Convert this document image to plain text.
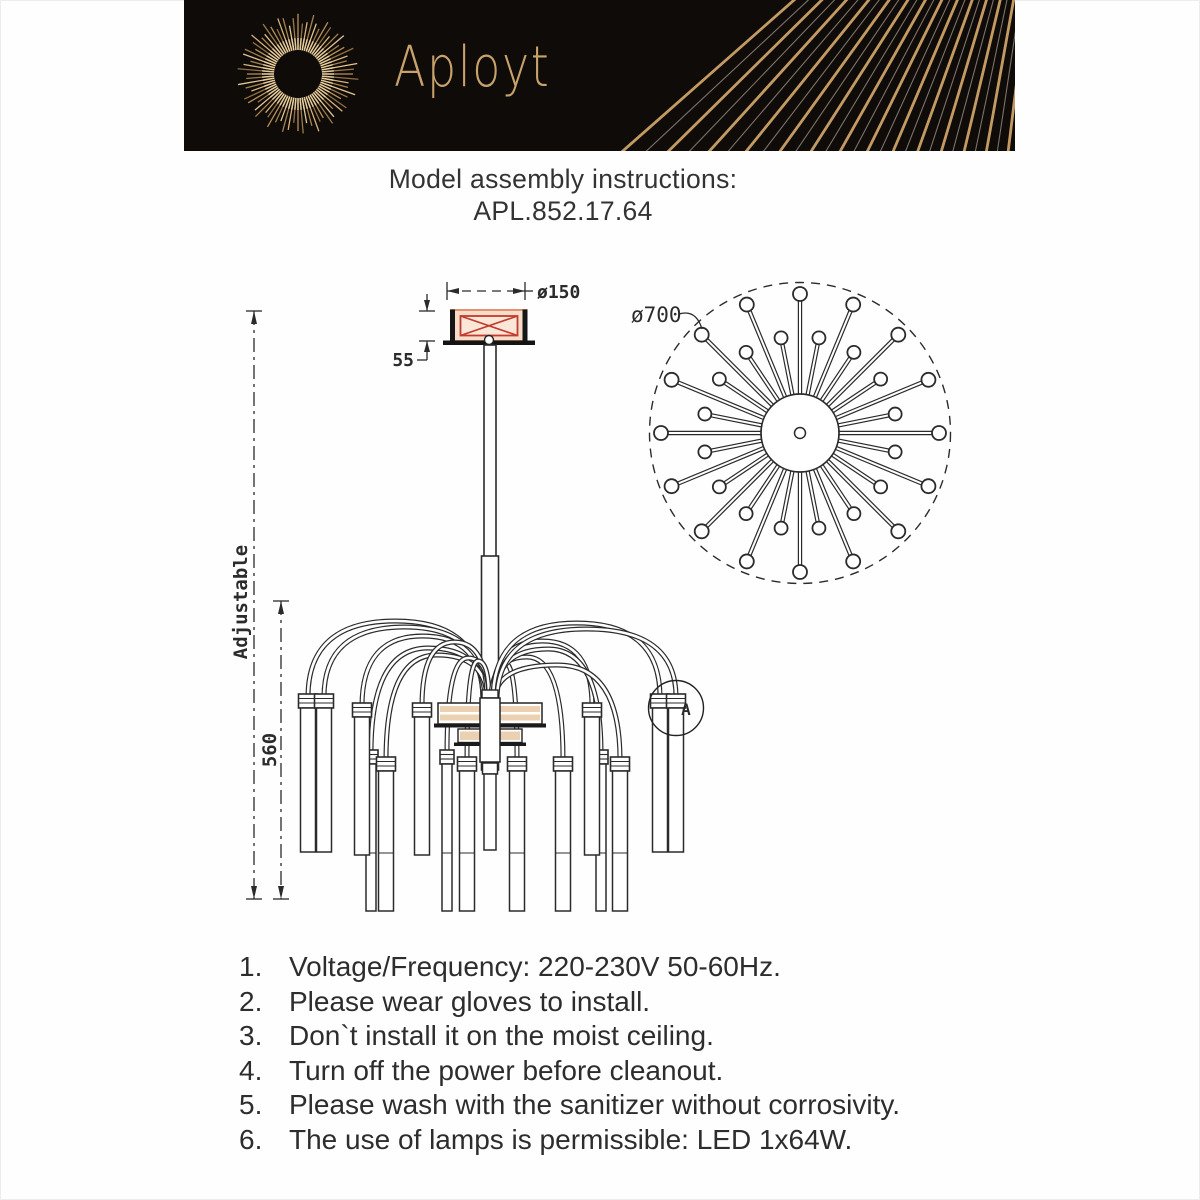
Aployt
Model assembly instructions:
APL.852.17.64
Adjustable
560
ø150
55
A
ø700
1. Voltage/Frequency: 220-230V 50-60Hz.
2. Please wear gloves to install.
3. Don`t install it on the moist ceiling.
4. Turn off the power before cleanout.
5. Please wash with the sanitizer without corrosivity.
6. The use of lamps is permissible: LED 1x64W.
